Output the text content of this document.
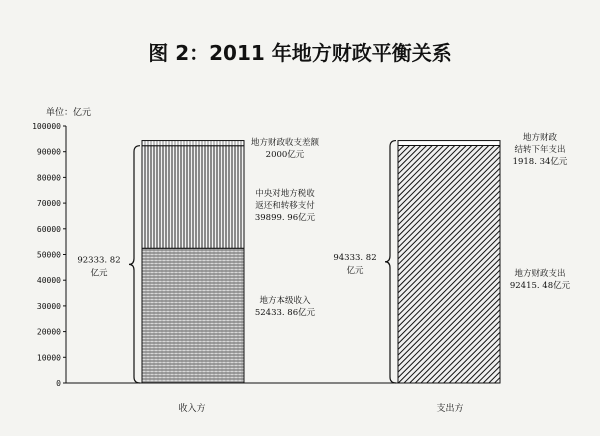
图 2：2011 年地方财政平衡关系
单位：亿元
0
10000
20000
30000
40000
50000
60000
70000
80000
90000
100000
地方本级收入 52433. 86亿元
中央对地方税收返还和转移支付 39899. 96亿元
地方财政收支差额 2000亿元
92333. 82 亿元
收入方
地方财政支出 92415. 48亿元
地方财政结转下年支出 1918. 34亿元
94333. 82 亿元
支出方
